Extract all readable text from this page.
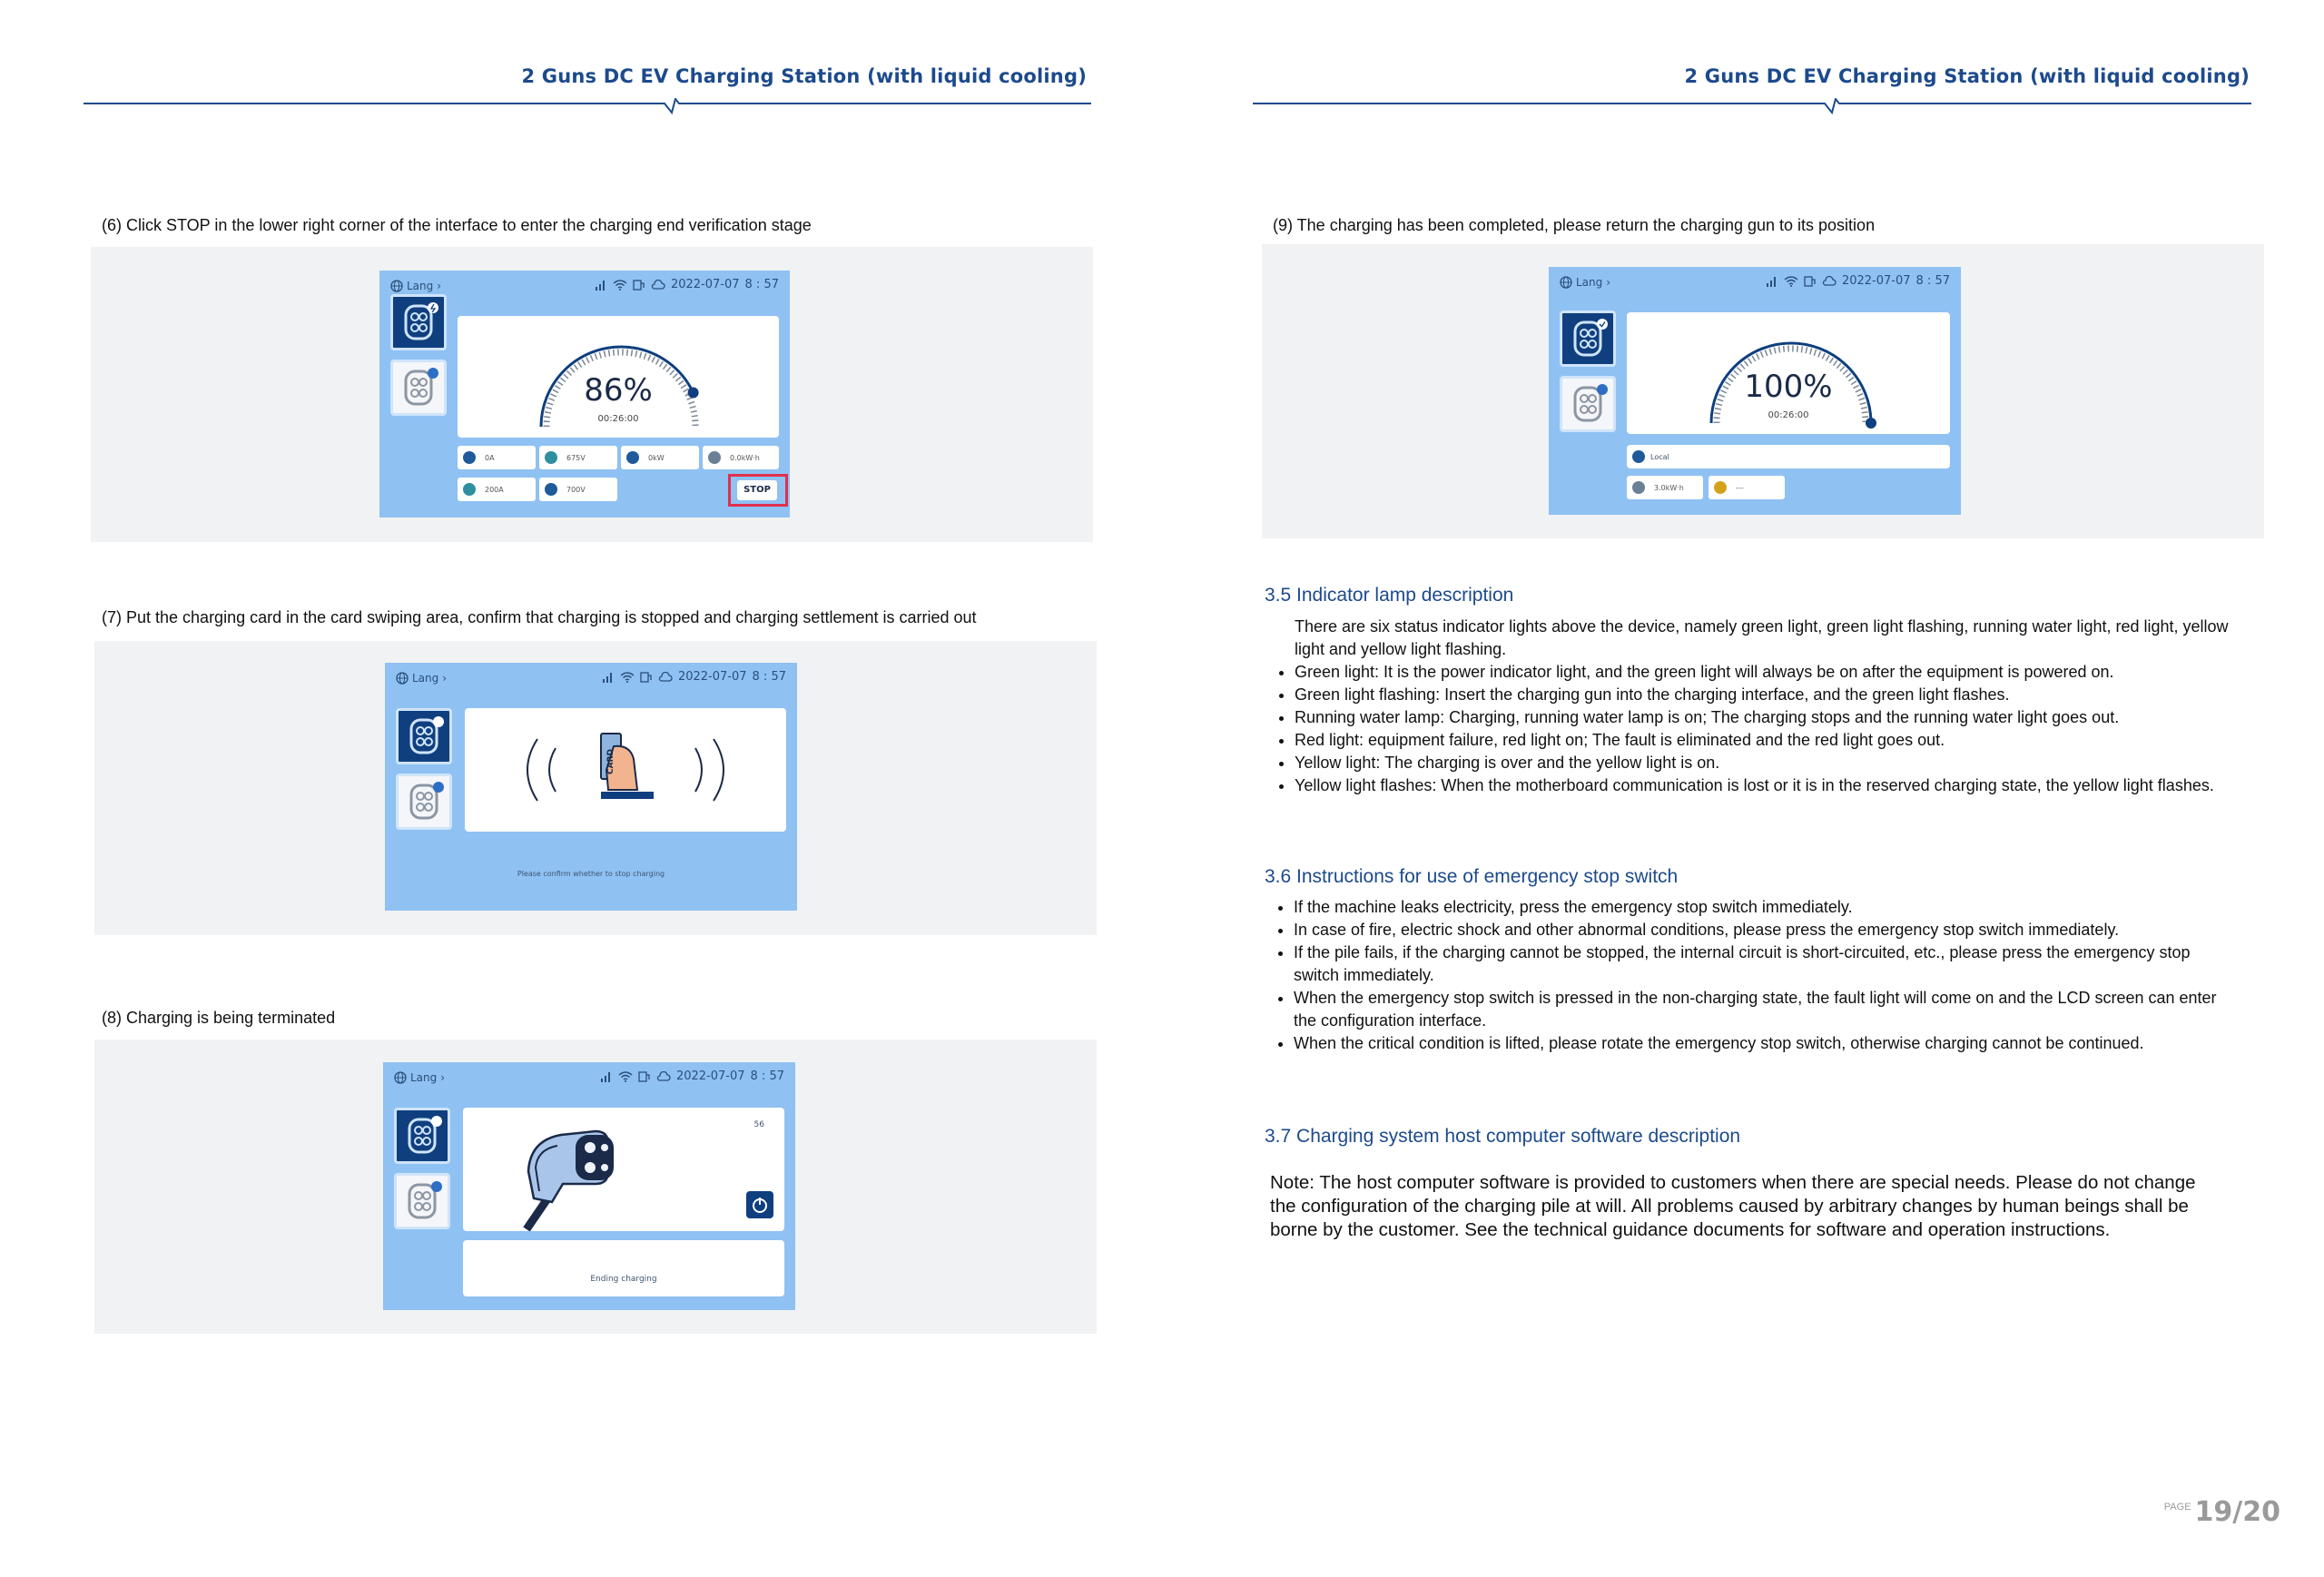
2 Guns DC EV Charging Station (with liquid cooling)	2 Guns DC EV Charging Station (with liquid cooling)
(6) Click STOP in the lower right corner of the interface to enter the charging end verification stage
Lang ›	2022-07-07 8 : 57
86%
00:26:00
0A	675V	0kW	0.0kW·h
200A	700V	STOP
(7) Put the charging card in the card swiping area, confirm that charging is stopped and charging settlement is carried out
Lang ›	2022-07-07 8 : 57
CARD
Please confirm whether to stop charging
(8) Charging is being terminated
Lang ›	2022-07-07 8 : 57
56
Ending charging
(9) The charging has been completed, please return the charging gun to its position
Lang ›	2022-07-07 8 : 57
100%
00:26:00
Local
3.0kW·h	---
3.5 Indicator lamp description
There are six status indicator lights above the device, namely green light, green light flashing, running water light, red light, yellow light and yellow light flashing.
• Green light: It is the power indicator light, and the green light will always be on after the equipment is powered on.
• Green light flashing: Insert the charging gun into the charging interface, and the green light flashes.
• Running water lamp: Charging, running water lamp is on; The charging stops and the running water light goes out.
• Red light: equipment failure, red light on; The fault is eliminated and the red light goes out.
• Yellow light: The charging is over and the yellow light is on.
• Yellow light flashes: When the motherboard communication is lost or it is in the reserved charging state, the yellow light flashes.
3.6 Instructions for use of emergency stop switch
• If the machine leaks electricity, press the emergency stop switch immediately.
• In case of fire, electric shock and other abnormal conditions, please press the emergency stop switch immediately.
• If the pile fails, if the charging cannot be stopped, the internal circuit is short-circuited, etc., please press the emergency stop switch immediately.
• When the emergency stop switch is pressed in the non-charging state, the fault light will come on and the LCD screen can enter the configuration interface.
• When the critical condition is lifted, please rotate the emergency stop switch, otherwise charging cannot be continued.
3.7 Charging system host computer software description
Note: The host computer software is provided to customers when there are special needs. Please do not change the configuration of the charging pile at will. All problems caused by arbitrary changes by human beings shall be borne by the customer. See the technical guidance documents for software and operation instructions.
PAGE 19/20
